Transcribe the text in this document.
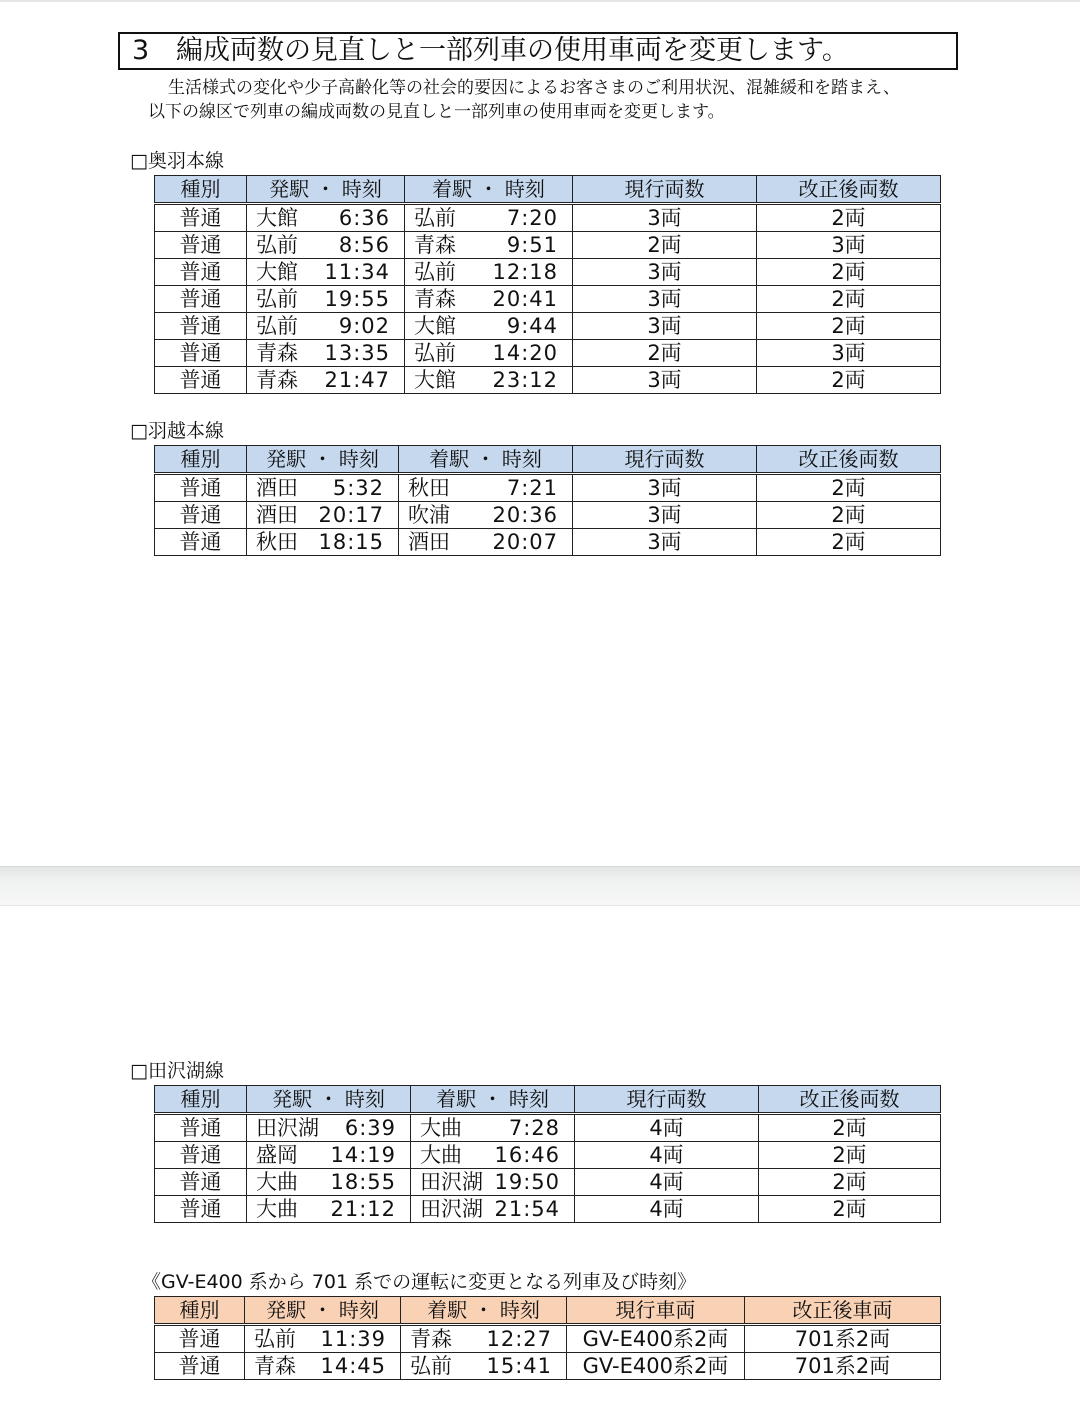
3 編成両数の見直しと一部列車の使用車両を変更します。
生活様式の変化や少子高齢化等の社会的要因によるお客さまのご利用状況、混雑緩和を踏まえ、
以下の線区で列車の編成両数の見直しと一部列車の使用車両を変更します。
□奥羽本線
種別	発駅 ・ 時刻	着駅 ・ 時刻	現行両数	改正後両数
普通	大館 6:36	弘前 7:20	3両	2両
普通	弘前 8:56	青森 9:51	2両	3両
普通	大館 11:34	弘前 12:18	3両	2両
普通	弘前 19:55	青森 20:41	3両	2両
普通	弘前 9:02	大館 9:44	3両	2両
普通	青森 13:35	弘前 14:20	2両	3両
普通	青森 21:47	大館 23:12	3両	2両
□羽越本線
種別	発駅 ・ 時刻	着駅 ・ 時刻	現行両数	改正後両数
普通	酒田 5:32	秋田 7:21	3両	2両
普通	酒田 20:17	吹浦 20:36	3両	2両
普通	秋田 18:15	酒田 20:07	3両	2両
□田沢湖線
種別	発駅 ・ 時刻	着駅 ・ 時刻	現行両数	改正後両数
普通	田沢湖 6:39	大曲 7:28	4両	2両
普通	盛岡 14:19	大曲 16:46	4両	2両
普通	大曲 18:55	田沢湖 19:50	4両	2両
普通	大曲 21:12	田沢湖 21:54	4両	2両
《GV-E400 系から 701 系での運転に変更となる列車及び時刻》
種別	発駅 ・ 時刻	着駅 ・ 時刻	現行車両	改正後車両
普通	弘前 11:39	青森 12:27	GV-E400系2両	701系2両
普通	青森 14:45	弘前 15:41	GV-E400系2両	701系2両
